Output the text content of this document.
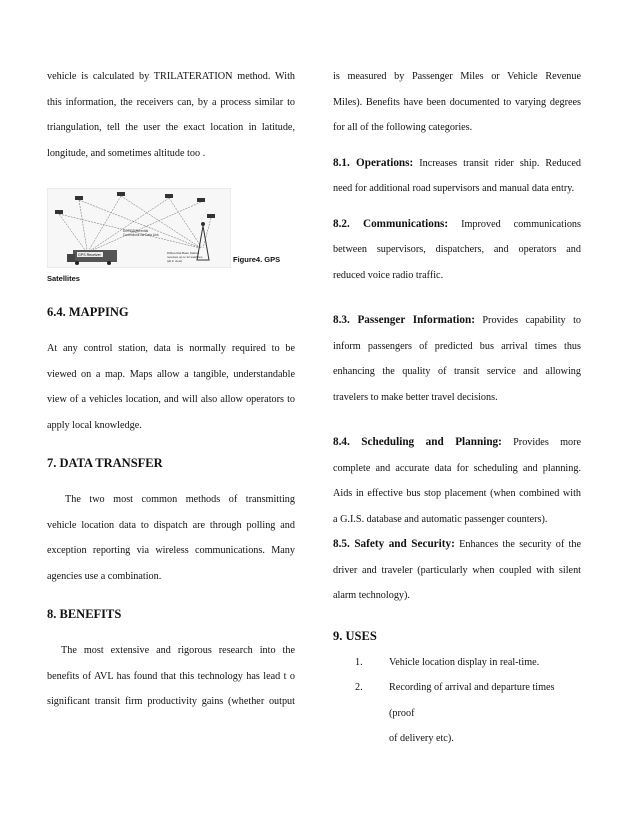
vehicle is calculated by TRILATERATION method. With

this information, the receivers can, by a process similar to

triangulation, tell the user the exact location in latitude,

longitude, and sometimes altitude too .

GPS Receiver
DGPS/Differential
Corrections via Data Link
Differential Base Station
receives up to 12 satellites
(all in view)	Figure4. GPS
Satellites
6.4. MAPPING

At any control station, data is normally required to be

viewed on a map. Maps allow a tangible, understandable

view of a vehicles location, and will also allow operators to

apply local knowledge.

7. DATA TRANSFER

The two most common methods of transmitting

vehicle location data to dispatch are through polling and

exception reporting via wireless communications. Many

agencies use a combination.

8. BENEFITS

The most extensive and rigorous research into the

benefits of AVL has found that this technology has lead t o

significant transit firm productivity gains (whether output

is measured by Passenger Miles or Vehicle Revenue

Miles). Benefits have been documented to varying degrees

for all of the following categories.

8.1. Operations: Increases transit rider ship. Reduced

need for additional road supervisors and manual data entry.

8.2. Communications: Improved communications

between supervisors, dispatchers, and operators and

reduced voice radio traffic.

8.3. Passenger Information: Provides capability to

inform passengers of predicted bus arrival times thus

enhancing the quality of transit service and allowing

travelers to make better travel decisions.

8.4. Scheduling and Planning: Provides more

complete and accurate data for scheduling and planning.

Aids in effective bus stop placement (when combined with

a G.I.S. database and automatic passenger counters).

8.5. Safety and Security: Enhances the security of the

driver and traveler (particularly when coupled with silent

alarm technology).

9. USES
1.	Vehicle location display in real-time.
2.	Recording of arrival and departure times (proof
of delivery etc).
